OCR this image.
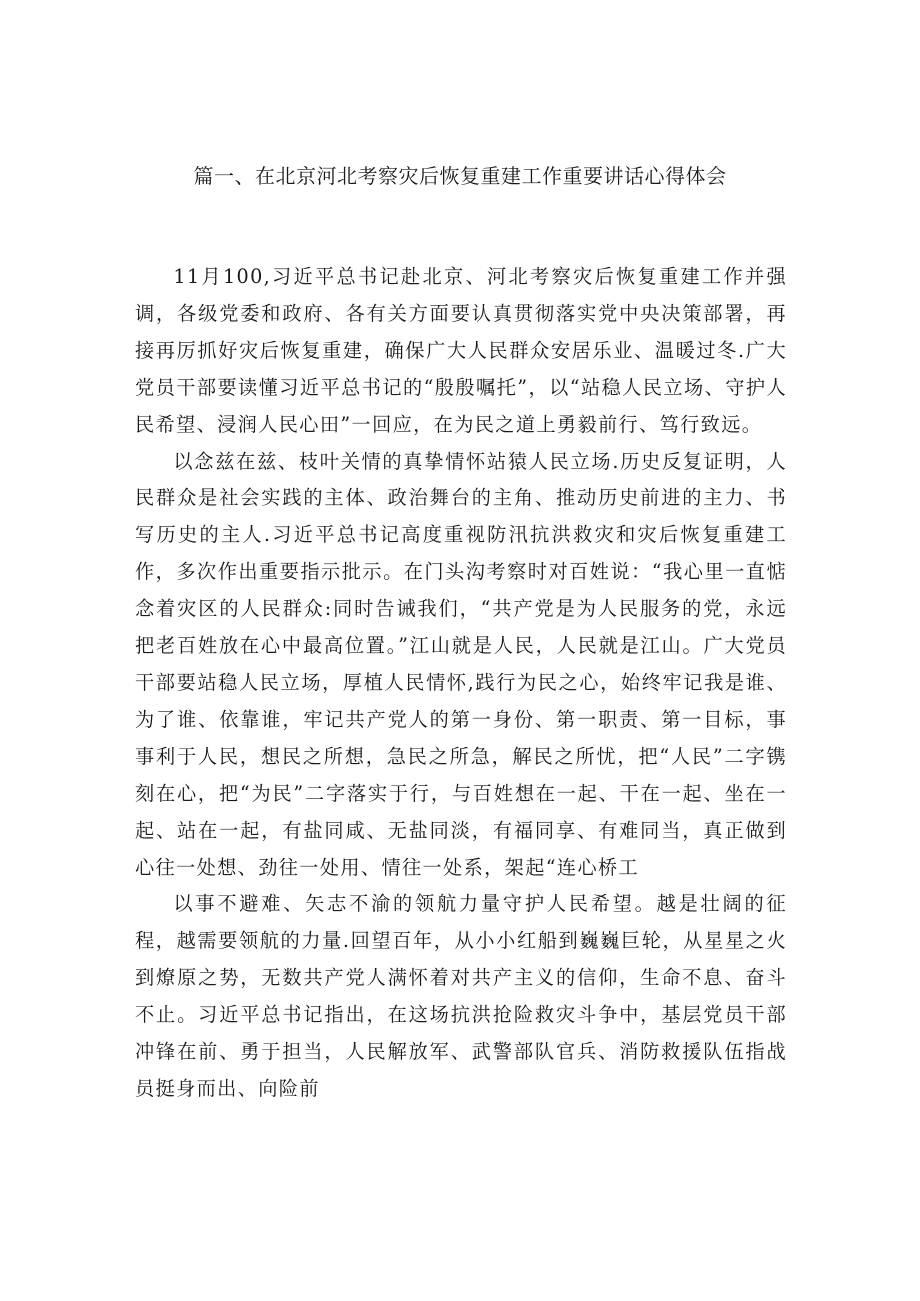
篇一、在北京河北考察灾后恢复重建工作重要讲话心得体会

11月100,习近平总书记赴北京、河北考察灾后恢复重建工作并强调，各级党委和政府、各有关方面要认真贯彻落实党中央决策部署，再接再厉抓好灾后恢复重建，确保广大人民群众安居乐业、温暖过冬.广大党员干部要读懂习近平总书记的“殷殷嘱托”，以“站稳人民立场、守护人民希望、浸润人民心田”一回应，在为民之道上勇毅前行、笃行致远。

以念兹在兹、枝叶关情的真挚情怀站猿人民立场.历史反复证明，人民群众是社会实践的主体、政治舞台的主角、推动历史前进的主力、书写历史的主人.习近平总书记高度重视防汛抗洪救灾和灾后恢复重建工作，多次作出重要指示批示。在门头沟考察时对百姓说：“我心里一直惦念着灾区的人民群众:同时告诫我们，“共产党是为人民服务的党，永远把老百姓放在心中最高位置。”江山就是人民，人民就是江山。广大党员干部要站稳人民立场，厚植人民情怀,践行为民之心，始终牢记我是谁、为了谁、依靠谁，牢记共产党人的第一身份、第一职责、第一目标，事事利于人民，想民之所想，急民之所急，解民之所忧，把“人民”二字镌刻在心，把“为民”二字落实于行，与百姓想在一起、干在一起、坐在一起、站在一起，有盐同咸、无盐同淡，有福同享、有难同当，真正做到心往一处想、劲往一处用、情往一处系，架起“连心桥工

以事不避难、矢志不渝的领航力量守护人民希望。越是壮阔的征程，越需要领航的力量.回望百年，从小小红船到巍巍巨轮，从星星之火到燎原之势，无数共产党人满怀着对共产主义的信仰，生命不息、奋斗不止。习近平总书记指出，在这场抗洪抢险救灾斗争中，基层党员干部冲锋在前、勇于担当，人民解放军、武警部队官兵、消防救援队伍指战员挺身而出、向险前
